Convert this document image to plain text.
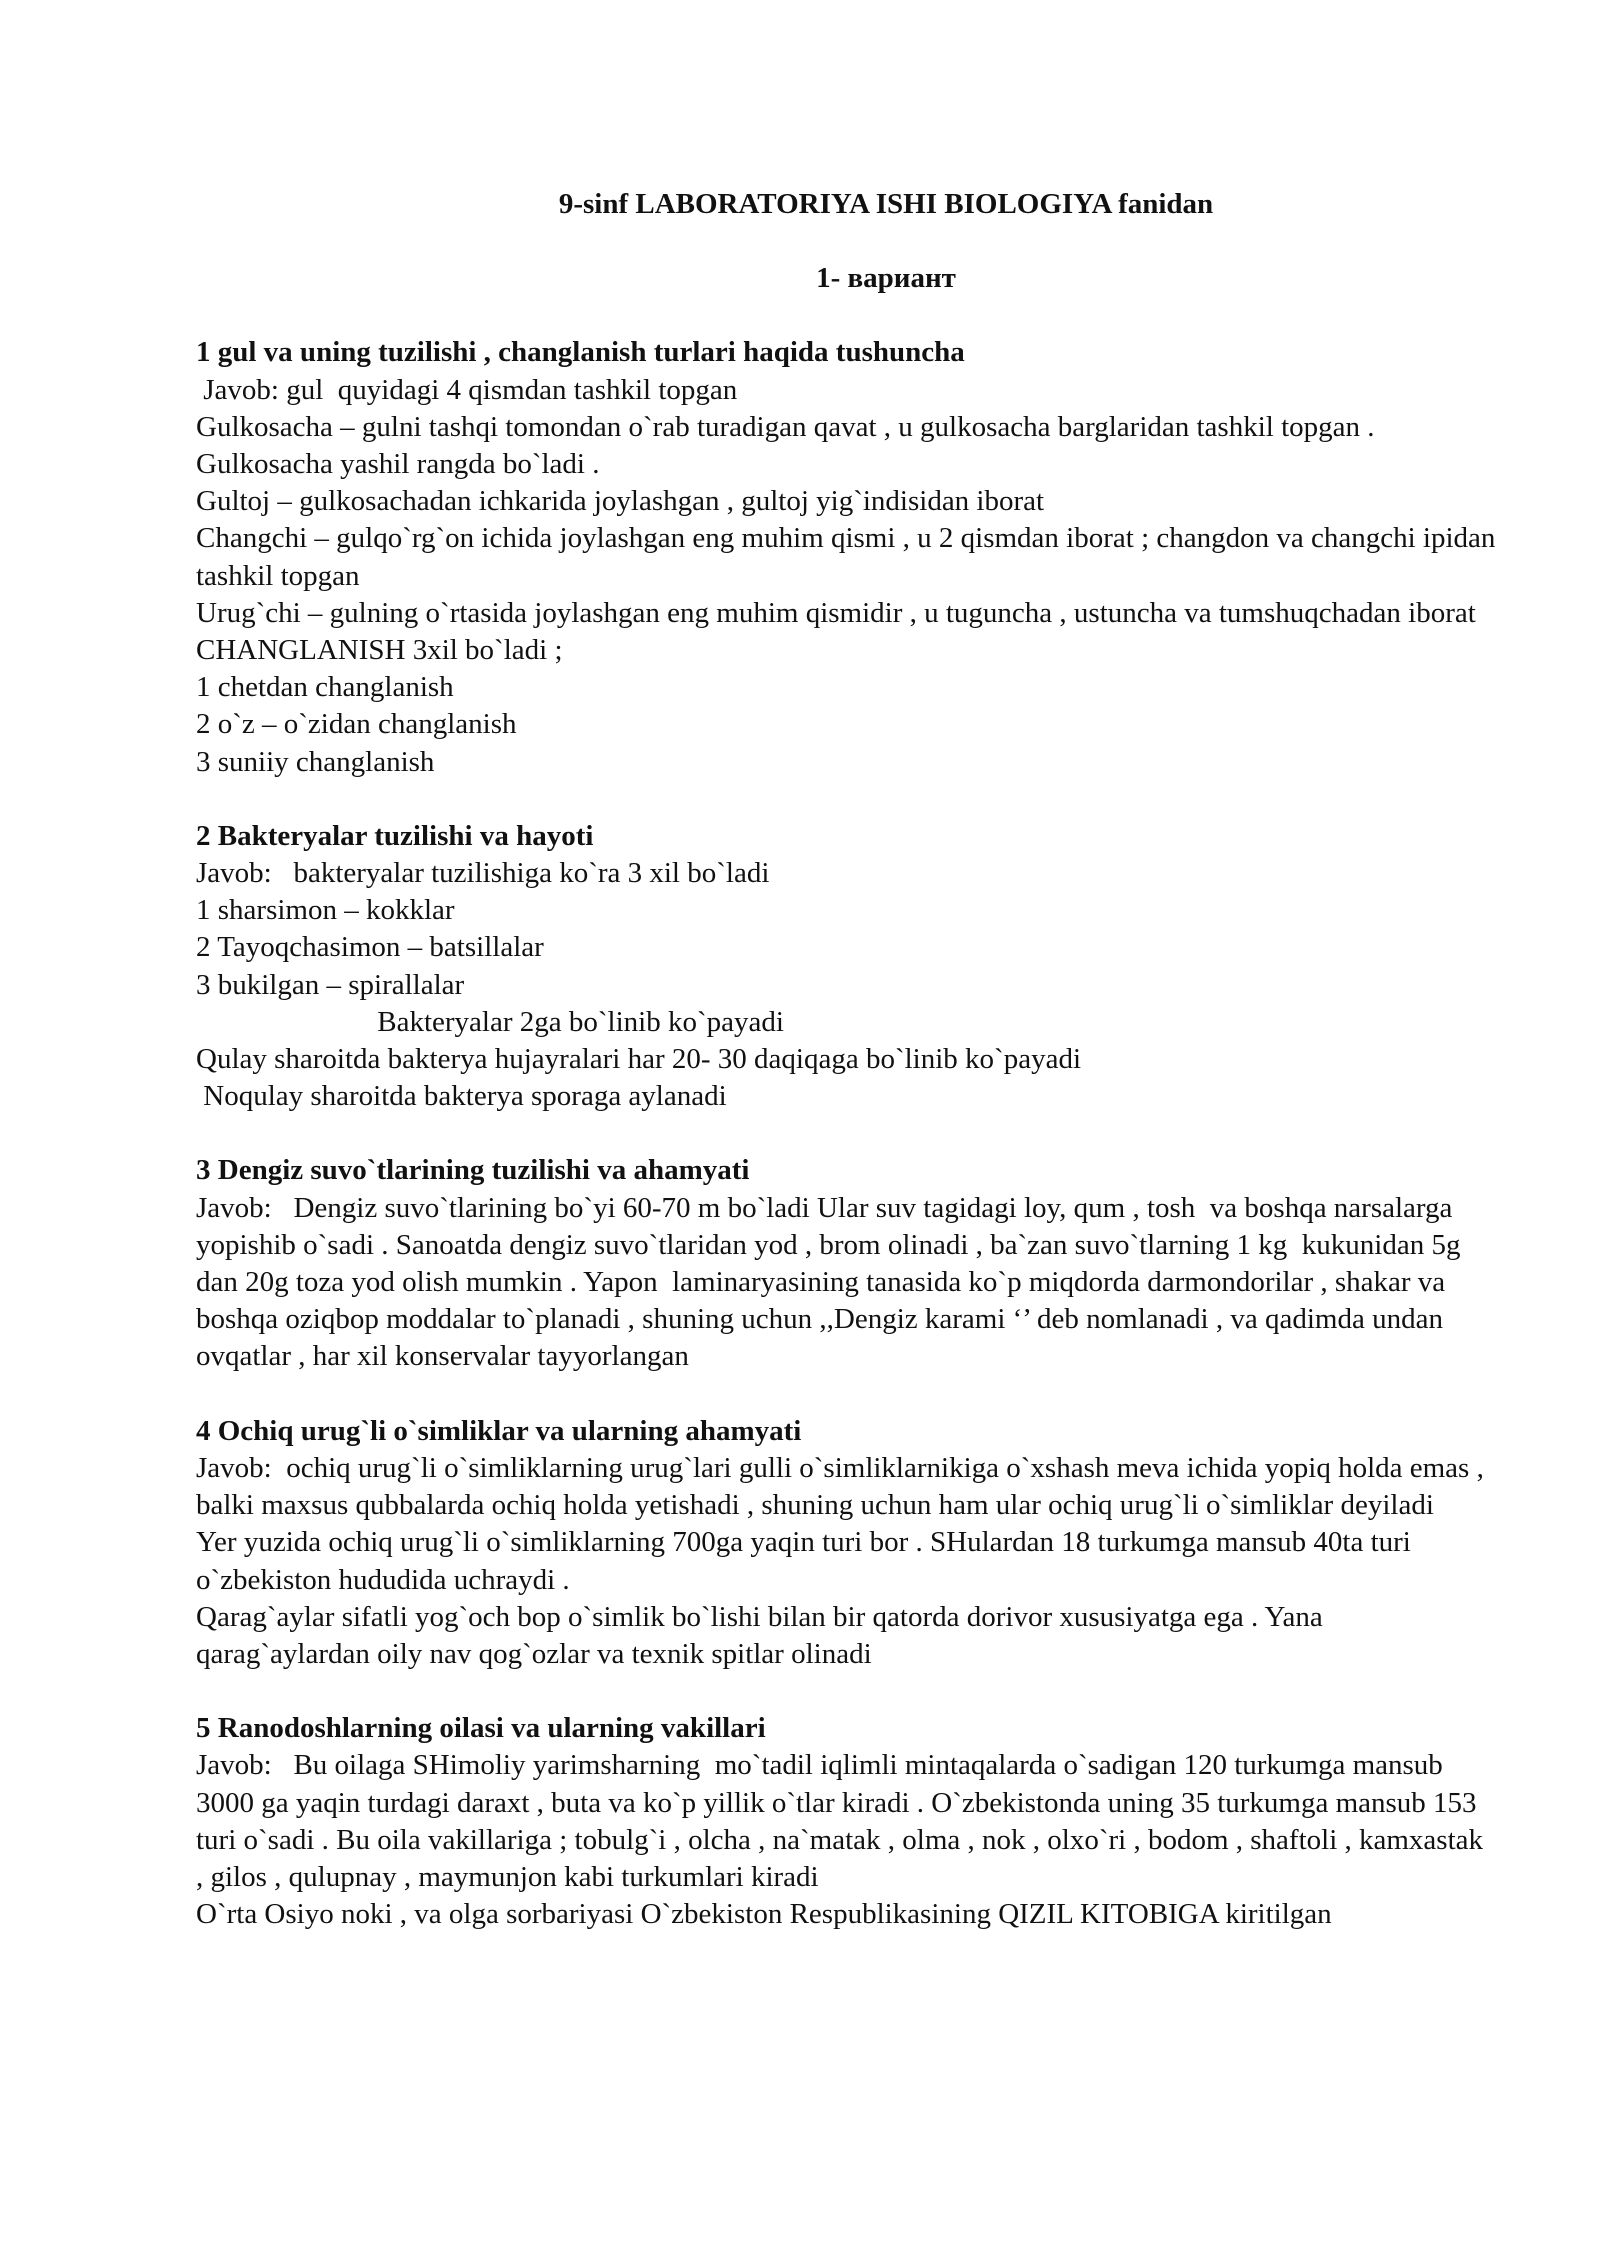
9-sinf LABORATORIYA ISHI BIOLOGIYA fanidan

1- вариант

1 gul va uning tuzilishi , changlanish turlari haqida tushuncha

Javob: gul  quyidagi 4 qismdan tashkil topgan

Gulkosacha – gulni tashqi tomondan o`rab turadigan qavat , u gulkosacha barglaridan tashkil topgan . Gulkosacha yashil rangda bo`ladi .

Gultoj – gulkosachadan ichkarida joylashgan , gultoj yig`indisidan iborat

Changchi – gulqo`rg`on ichida joylashgan eng muhim qismi , u 2 qismdan iborat ; changdon va changchi ipidan tashkil topgan

Urug`chi – gulning o`rtasida joylashgan eng muhim qismidir , u tuguncha , ustuncha va tumshuqchadan iborat

CHANGLANISH 3xil bo`ladi ;

1 chetdan changlanish

2 o`z – o`zidan changlanish

3 suniiy changlanish

2 Bakteryalar tuzilishi va hayoti

Javob:   bakteryalar tuzilishiga ko`ra 3 xil bo`ladi

1 sharsimon – kokklar

2 Tayoqchasimon – batsillalar

3 bukilgan – spirallalar

Bakteryalar 2ga bo`linib ko`payadi

Qulay sharoitda bakterya hujayralari har 20- 30 daqiqaga bo`linib ko`payadi

Noqulay sharoitda bakterya sporaga aylanadi

3 Dengiz suvo`tlarining tuzilishi va ahamyati

Javob:   Dengiz suvo`tlarining bo`yi 60-70 m bo`ladi Ular suv tagidagi loy, qum , tosh  va boshqa narsalarga yopishib o`sadi . Sanoatda dengiz suvo`tlaridan yod , brom olinadi , ba`zan suvo`tlarning 1 kg  kukunidan 5g dan 20g toza yod olish mumkin . Yapon  laminaryasining tanasida ko`p miqdorda darmondorilar , shakar va boshqa oziqbop moddalar to`planadi , shuning uchun ,,Dengiz karami ‘’ deb nomlanadi , va qadimda undan ovqatlar , har xil konservalar tayyorlangan

4 Ochiq urug`li o`simliklar va ularning ahamyati

Javob:  ochiq urug`li o`simliklarning urug`lari gulli o`simliklarnikiga o`xshash meva ichida yopiq holda emas , balki maxsus qubbalarda ochiq holda yetishadi , shuning uchun ham ular ochiq urug`li o`simliklar deyiladi

Yer yuzida ochiq urug`li o`simliklarning 700ga yaqin turi bor . SHulardan 18 turkumga mansub 40ta turi o`zbekiston hududida uchraydi .

Qarag`aylar sifatli yog`och bop o`simlik bo`lishi bilan bir qatorda dorivor xususiyatga ega . Yana qarag`aylardan oily nav qog`ozlar va texnik spitlar olinadi

5 Ranodoshlarning oilasi va ularning vakillari

Javob:   Bu oilaga SHimoliy yarimsharning  mo`tadil iqlimli mintaqalarda o`sadigan 120 turkumga mansub 3000 ga yaqin turdagi daraxt , buta va ko`p yillik o`tlar kiradi . O`zbekistonda uning 35 turkumga mansub 153 turi o`sadi . Bu oila vakillariga ; tobulg`i , olcha , na`matak , olma , nok , olxo`ri , bodom , shaftoli , kamxastak , gilos , qulupnay , maymunjon kabi turkumlari kiradi

O`rta Osiyo noki , va olga sorbariyasi O`zbekiston Respublikasining QIZIL KITOBIGA kiritilgan
